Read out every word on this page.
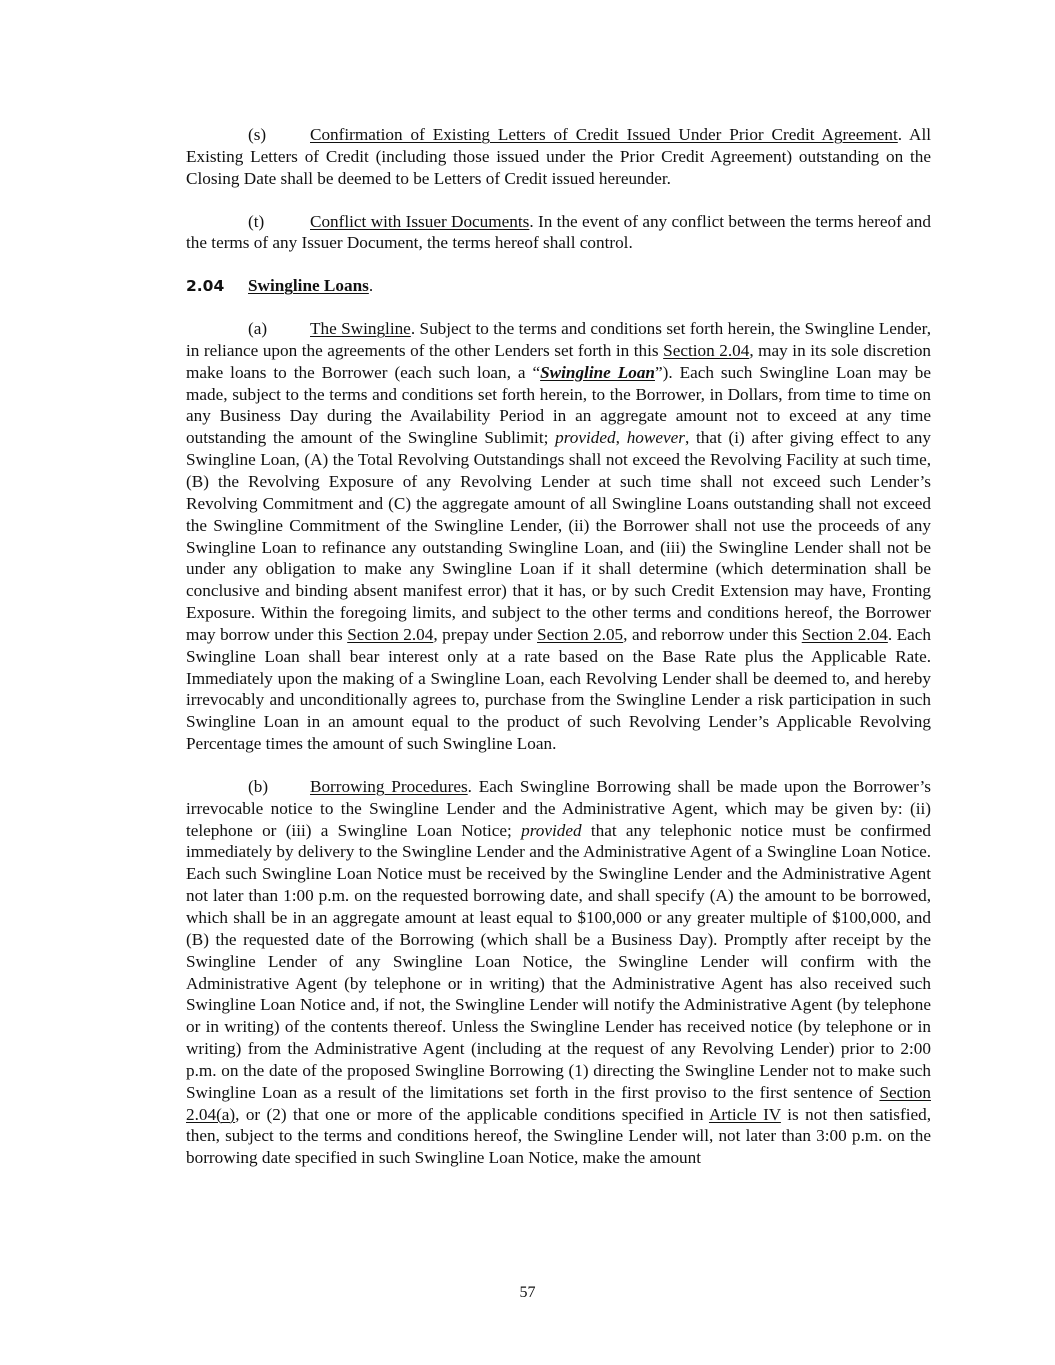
(s)	Confirmation of Existing Letters of Credit Issued Under Prior Credit Agreement. All Existing Letters of Credit (including those issued under the Prior Credit Agreement) outstanding on the Closing Date shall be deemed to be Letters of Credit issued hereunder.

(t)	Conflict with Issuer Documents. In the event of any conflict between the terms hereof and the terms of any Issuer Document, the terms hereof shall control.

2.04 Swingline Loans.

(a) The Swingline. Subject to the terms and conditions set forth herein, the Swingline Lender, in reliance upon the agreements of the other Lenders set forth in this Section 2.04, may in its sole discretion make loans to the Borrower (each such loan, a “Swingline Loan”). Each such Swingline Loan may be made, subject to the terms and conditions set forth herein, to the Borrower, in Dollars, from time to time on any Business Day during the Availability Period in an aggregate amount not to exceed at any time outstanding the amount of the Swingline Sublimit; provided, however, that (i) after giving effect to any Swingline Loan, (A) the Total Revolving Outstandings shall not exceed the Revolving Facility at such time, (B) the Revolving Exposure of any Revolving Lender at such time shall not exceed such Lender’s Revolving Commitment and (C) the aggregate amount of all Swingline Loans outstanding shall not exceed the Swingline Commitment of the Swingline Lender, (ii) the Borrower shall not use the proceeds of any Swingline Loan to refinance any outstanding Swingline Loan, and (iii) the Swingline Lender shall not be under any obligation to make any Swingline Loan if it shall determine (which determination shall be conclusive and binding absent manifest error) that it has, or by such Credit Extension may have, Fronting Exposure. Within the foregoing limits, and subject to the other terms and conditions hereof, the Borrower may borrow under this Section 2.04, prepay under Section 2.05, and reborrow under this Section 2.04. Each Swingline Loan shall bear interest only at a rate based on the Base Rate plus the Applicable Rate. Immediately upon the making of a Swingline Loan, each Revolving Lender shall be deemed to, and hereby irrevocably and unconditionally agrees to, purchase from the Swingline Lender a risk participation in such Swingline Loan in an amount equal to the product of such Revolving Lender’s Applicable Revolving Percentage times the amount of such Swingline Loan.

(b) Borrowing Procedures. Each Swingline Borrowing shall be made upon the Borrower’s irrevocable notice to the Swingline Lender and the Administrative Agent, which may be given by: (ii) telephone or (iii) a Swingline Loan Notice; provided that any telephonic notice must be confirmed immediately by delivery to the Swingline Lender and the Administrative Agent of a Swingline Loan Notice. Each such Swingline Loan Notice must be received by the Swingline Lender and the Administrative Agent not later than 1:00 p.m. on the requested borrowing date, and shall specify (A) the amount to be borrowed, which shall be in an aggregate amount at least equal to $100,000 or any greater multiple of $100,000, and (B) the requested date of the Borrowing (which shall be a Business Day). Promptly after receipt by the Swingline Lender of any Swingline Loan Notice, the Swingline Lender will confirm with the Administrative Agent (by telephone or in writing) that the Administrative Agent has also received such Swingline Loan Notice and, if not, the Swingline Lender will notify the Administrative Agent (by telephone or in writing) of the contents thereof. Unless the Swingline Lender has received notice (by telephone or in writing) from the Administrative Agent (including at the request of any Revolving Lender) prior to 2:00 p.m. on the date of the proposed Swingline Borrowing (1) directing the Swingline Lender not to make such Swingline Loan as a result of the limitations set forth in the first proviso to the first sentence of Section 2.04(a), or (2) that one or more of the applicable conditions specified in Article IV is not then satisfied, then, subject to the terms and conditions hereof, the Swingline Lender will, not later than 3:00 p.m. on the borrowing date specified in such Swingline Loan Notice, make the amount

57
